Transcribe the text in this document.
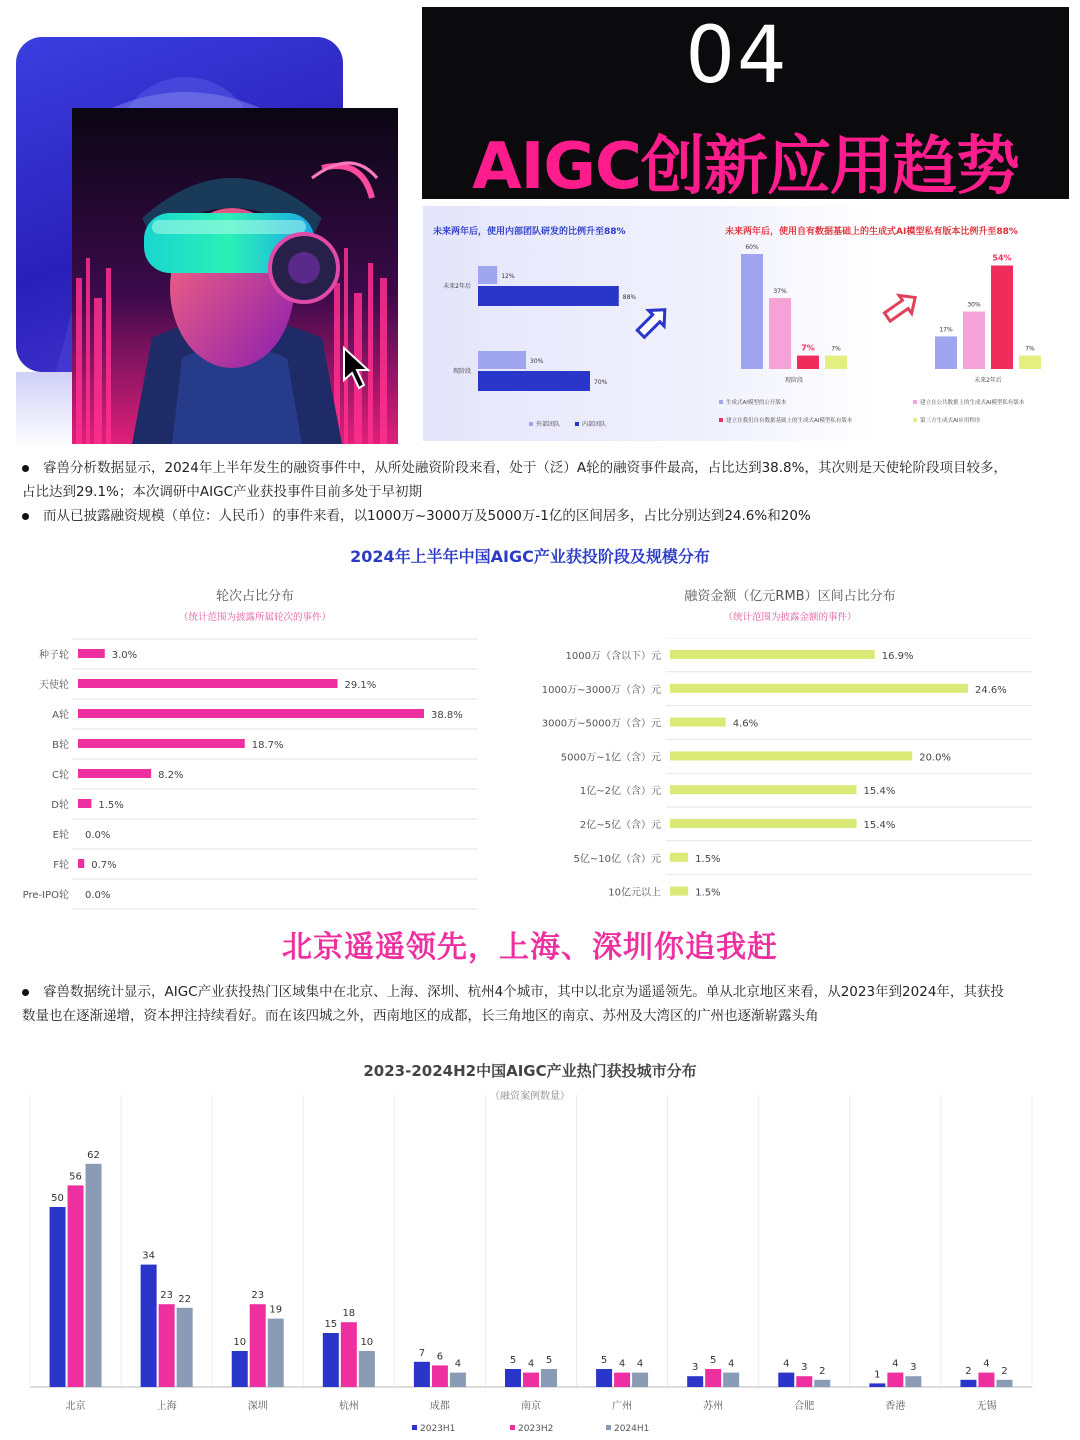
04
AIGC创新应用趋势
未来两年后，使用内部团队研发的比例升至88%
未来2年后
12%
88%
现阶段
30%
70%
外部团队	内部团队
60%
37%
7%	7%
现阶段
17%
30%
54%
7%
未来2年后
生成式AI模型的公开版本	建立在公共数据上的生成式AI模型私有版本
建立在我们自有数据基础上的生成式AI模型私有版本	第三方生成式AI应用程序
未来两年后，使用自有数据基础上的生成式AI模型私有版本比例升至88%
睿兽分析数据显示，2024年上半年发生的融资事件中，从所处融资阶段来看，处于（泛）A轮的融资事件最高，占比达到38.8%，其次则是天使轮阶段项目较多，
占比达到29.1%；本次调研中AIGC产业获投事件目前多处于早初期
而从已披露融资规模（单位：人民币）的事件来看，以1000万~3000万及5000万-1亿的区间居多，占比分别达到24.6%和20%
2024年上半年中国AIGC产业获投阶段及规模分布
轮次占比分布
（统计范围为披露所属轮次的事件）
种子轮	3.0%
天使轮	29.1%
A轮	38.8%
B轮	18.7%
C轮	8.2%
D轮	1.5%
E轮 0.0%
F轮 0.7%
Pre-IPO轮 0.0%
融资金额（亿元RMB）区间占比分布
（统计范围为披露金额的事件）
1000万（含以下）元	16.9%
1000万~3000万（含）元	24.6%
3000万~5000万（含）元	4.6%
5000万~1亿（含）元	20.0%
1亿~2亿（含）元	15.4%
2亿~5亿（含）元	15.4%
5亿~10亿（含）元	1.5%
10亿元以上	1.5%
北京遥遥领先，上海、深圳你追我赶
睿兽数据统计显示，AIGC产业获投热门区域集中在北京、上海、深圳、杭州4个城市，其中以北京为遥遥领先。单从北京地区来看，从2023年到2024年，其获投
数量也在逐渐递增，资本押注持续看好。而在该四城之外，西南地区的成都，长三角地区的南京、苏州及大湾区的广州也逐渐崭露头角
2023-2024H2中国AIGC产业热门获投城市分布
（融资案例数量）
50
56
62
北京
34
23 22
上海
10
23
19
深圳
15
18
10
杭州
7 6
4
成都
5 4 5
南京
5 4 4
广州
3
5 4
苏州
4 3 2
合肥
1
4 3
香港
2
4
2
无锡
2023H1	2023H2	2024H1
